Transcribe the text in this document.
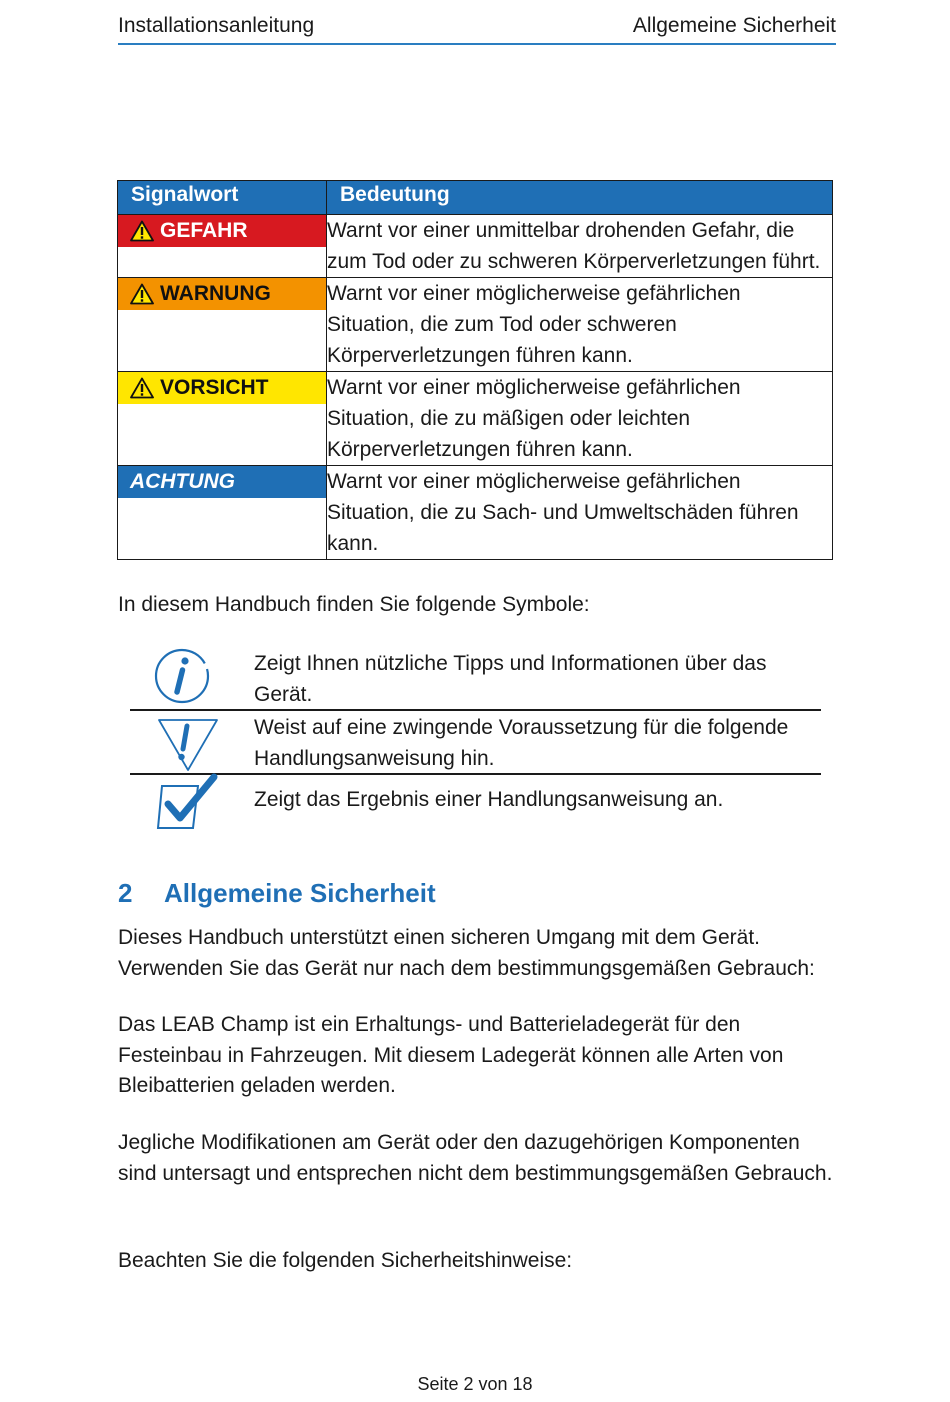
Installationsanleitung	Allgemeine Sicherheit
Signalwort	Bedeutung

GEFAHR	Warnt vor einer unmittelbar drohenden Gefahr, die zum Tod oder zu schweren Körperverletzungen führt.

WARNUNG	Warnt vor einer möglicherweise gefährlichen Situation, die zum Tod oder schweren Körperverletzungen führen kann.

VORSICHT	Warnt vor einer möglicherweise gefährlichen Situation, die zu mäßigen oder leichten Körperverletzungen führen kann.

ACHTUNG	Warnt vor einer möglicherweise gefährlichen Situation, die zu Sach- und Umweltschäden führen kann.
In diesem Handbuch finden Sie folgende Symbole:
Zeigt Ihnen nützliche Tipps und Informationen über das Gerät.
Weist auf eine zwingende Voraussetzung für die folgende Handlungsanweisung hin.
Zeigt das Ergebnis einer Handlungsanweisung an.
2 Allgemeine Sicherheit
Dieses Handbuch unterstützt einen sicheren Umgang mit dem Gerät. Verwenden Sie das Gerät nur nach dem bestimmungsgemäßen Gebrauch:
Das LEAB Champ ist ein Erhaltungs- und Batterieladegerät für den Festeinbau in Fahrzeugen. Mit diesem Ladegerät können alle Arten von Bleibatterien geladen werden.
Jegliche Modifikationen am Gerät oder den dazugehörigen Komponenten sind untersagt und entsprechen nicht dem bestimmungsgemäßen Gebrauch.
Beachten Sie die folgenden Sicherheitshinweise:
Seite 2 von 18
